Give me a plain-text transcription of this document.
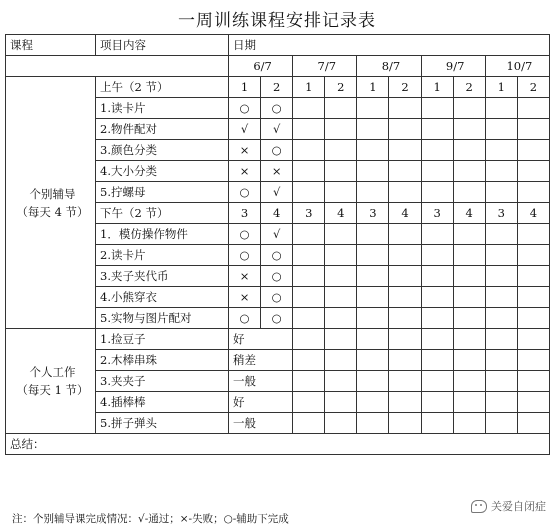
一周训练课程安排记录表
课程	项目内容	日期									
		6/7		7/7		8/7		9/7		10/7	

个别辅导
（每天 4 节）	上午（2 节）	1	2	1	2	1	2	1	2	1	2
	1.读卡片	○	○								
	2.物件配对	√	√								
	3.颜色分类	×	○								
	4.大小分类	×	×								
	5.拧螺母	○	√								
	下午（2 节）	3	4	3	4	3	4	3	4	3	4
	1．模仿操作物件	○	√								
	2.读卡片	○	○								
	3.夹子夹代币	×	○								
	4.小熊穿衣	×	○								
	5.实物与图片配对	○	○								

个人工作
（每天 1 节）	1.捡豆子	好									
	2.木棒串珠	稍差									
	3.夹夹子	一般									
	4.插棒棒	好									
	5.拼子弹头	一般									
总结：											
注：个别辅导课完成情况：√-通过；×-失败；○-辅助下完成
关爱自闭症
